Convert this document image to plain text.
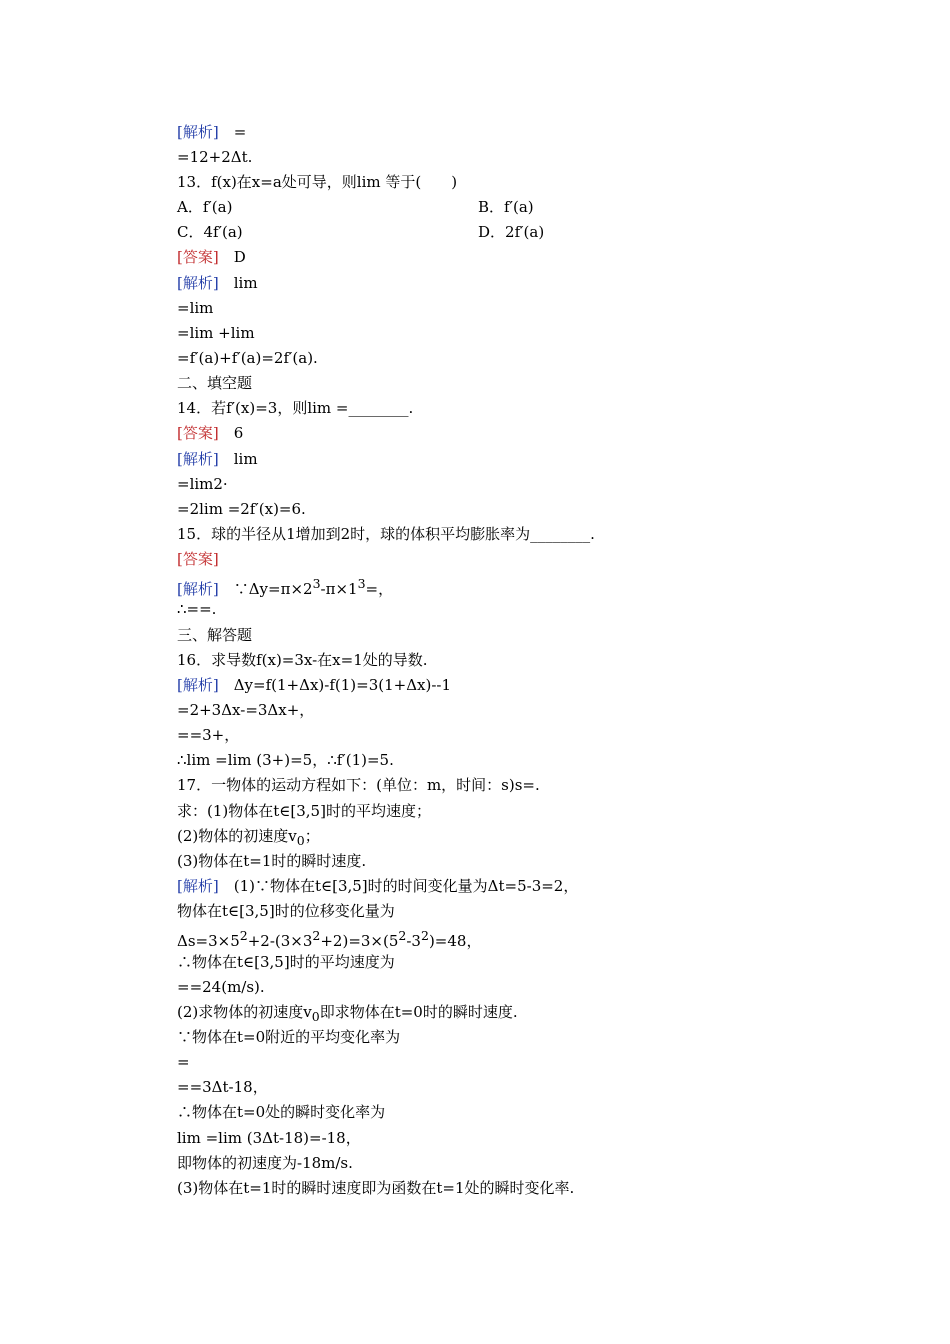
[解析]　=
=12+2Δt.
13．f(x)在x=a处可导，则lim 等于(　　)
A．f′(a)	B．f′(a)
C．4f′(a)	D．2f′(a)
[答案]　D
[解析]　lim
=lim
=lim +lim
=f′(a)+f′(a)=2f′(a).
二、填空题
14．若f′(x)=3，则lim =________.
[答案]　6
[解析]　lim
=lim2·
=2lim =2f′(x)=6.
15．球的半径从1增加到2时，球的体积平均膨胀率为________.
[答案]
[解析]　$\because\Delta y=\pi\times 2^3-\pi\times 1^3=$，
∴==.
三、解答题
16．求导数f(x)=3x-在x=1处的导数.
[解析]　Δy=f(1+Δx)-f(1)=3(1+Δx)--1
=2+3Δx-=3Δx+，
==3+，
∴lim =lim (3+)=5，∴f′(1)=5.
17．一物体的运动方程如下：(单位：m，时间：s)s=.
求：(1)物体在t∈[3,5]时的平均速度；
(2)物体的初速度$v_0$；
(3)物体在t=1时的瞬时速度.
[解析]　(1)∵物体在t∈[3,5]时的时间变化量为Δt=5-3=2，
物体在t∈[3,5]时的位移变化量为
$\Delta s=3\times 5^2+2-(3\times 3^2+2)=3\times(5^2-3^2)=48$，
∴物体在t∈[3,5]时的平均速度为
==24(m/s).
(2)求物体的初速度$v_0$即求物体在t=0时的瞬时速度.
∵物体在t=0附近的平均变化率为
=
==3Δt-18，
∴物体在t=0处的瞬时变化率为
lim =lim (3Δt-18)=-18，
即物体的初速度为-18m/s.
(3)物体在t=1时的瞬时速度即为函数在t=1处的瞬时变化率.
